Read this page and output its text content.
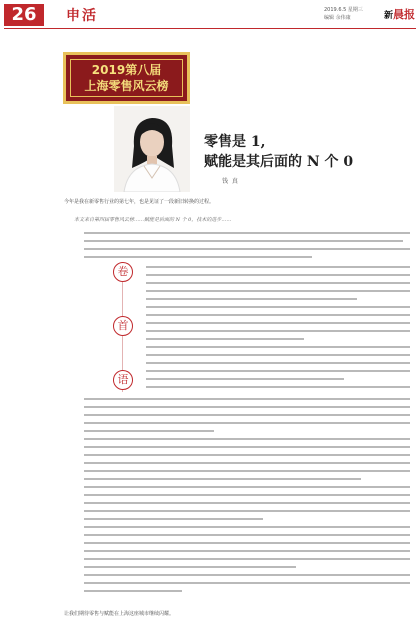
26	申活	2019.6.5 星期三
编辑 余伟康	新晨报
2019第八届
上海零售风云榜
零售是 1,
赋能是其后面的 N 个 0
钱 真
今年是我在新零售行业的第七年，也是见证了一段新旧转换的过程。
本文来自第四届零售风云榜……赋能是后面的 N 个 0，技术的进步……
卷
首
语
让我们期待零售与赋能在上海这座城市继续闪耀。
